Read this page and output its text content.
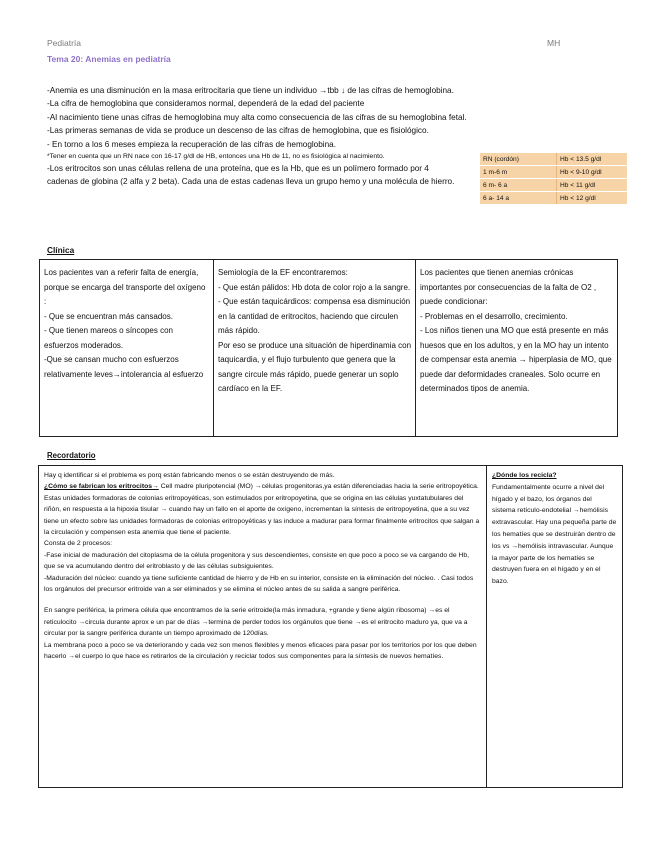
Pediatría	MH
Tema 20: Anemias en pediatría

-Anemia es una disminución en la masa eritrocitaria que tiene un individuo →tbb ↓ de las cifras de hemoglobina.

-La cifra de hemoglobina que consideramos normal, dependerá de la edad del paciente

-Al nacimiento tiene unas cifras de hemoglobina muy alta como consecuencia de las cifras de su hemoglobina fetal.

-Las primeras semanas de vida se produce un descenso de las cifras de hemoglobina, que es fisiológico.

- En torno a los 6 meses empieza la recuperación de las cifras de hemoglobina.

*Tener en cuenta que un RN nace con 16-17 g/dl de HB, entonces una Hb de 11, no es fisiológica al nacimiento.

-Los eritrocitos son unas células rellena de una proteína, que es la Hb, que es un polímero formado por 4 cadenas de globina (2 alfa y 2 beta). Cada una de estas cadenas lleva un grupo hemo y una molécula de hierro.

RN (cordón)	Hb < 13.5 g/dl
1 m-6 m	Hb < 9-10 g/dl
6 m- 6 a	Hb < 11 g/dl
6 a- 14 a	Hb < 12 g/dl
Clínica

Los pacientes van a referir falta de energía, porque se encarga del transporte del oxígeno :

- Que se encuentran más cansados.

- Que tienen mareos o síncopes con esfuerzos moderados.

-Que se cansan mucho con esfuerzos relativamente leves→intolerancia al esfuerzo

Semiología de la EF encontraremos:

- Que están pálidos: Hb dota de color rojo a la sangre.

- Que están taquicárdicos: compensa esa disminución en la cantidad de eritrocitos, haciendo que circulen más rápido.

Por eso se produce una situación de hiperdinamia con taquicardia, y el flujo turbulento que genera que la sangre circule más rápido, puede generar un soplo cardíaco en la EF.

Los pacientes que tienen anemias crónicas importantes por consecuencias de la falta de O2 , puede condicionar:

- Problemas en el desarrollo, crecimiento.

- Los niños tienen una MO que está presente en más huesos que en los adultos, y en la MO hay un intento de compensar esta anemia → hiperplasia de MO, que puede dar deformidades craneales. Solo ocurre en determinados tipos de anemia.

Recordatorio

Hay q identificar si el problema es porq están fabricando menos o se están destruyendo de más.

¿Cómo se fabrican los eritrocitos→ Cell madre pluripotencial (MO) →células progenitoras,ya están diferenciadas hacia la serie eritropoyética. Estas unidades formadoras de colonias eritropoyéticas, son estimulados por eritropoyetina, que se origina en las células yuxtatubulares del riñón, en respuesta a la hipoxia tisular → cuando hay un fallo en el aporte de oxígeno, incrementan la síntesis de eritropoyetina, que a su vez tiene un efecto sobre las unidades formadoras de colonias eritropoyéticas y las induce a madurar para formar finalmente eritrocitos que salgan a la circulación y compensen esta anemia que tiene el paciente.

Consta de 2 procesos:

-Fase inicial de maduración del citoplasma de la célula progenitora y sus descendientes, consiste en que poco a poco se va cargando de Hb, que se va acumulando dentro del eritroblasto y de las células subsiguientes.

-Maduración del núcleo: cuando ya tiene suficiente cantidad de hierro y de Hb en su interior, consiste en la eliminación del núcleo. . Casi todos los orgánulos del precursor eritroide van a ser eliminados y se elimina el núcleo antes de su salida a sangre periférica.

En sangre periférica, la primera célula que encontramos de la serie eritroide(la más inmadura, +grande y tiene algún ribosoma) →es el reticulocito →circula durante aprox e un par de días →termina de perder todos los orgánulos que tiene →es el eritrocito maduro ya, que va a circular por la sangre periférica durante un tiempo aproximado de 120días.

La membrana poco a poco se va deteriorando y cada vez son menos flexibles y menos eficaces para pasar por los territorios por los que deben hacerlo →el cuerpo lo que hace es retirarlos de la circulación y reciclar todos sus componentes para la síntesis de nuevos hematíes.

¿Dónde los recicla?

Fundamentalmente ocurre a nivel del hígado y el bazo, los órganos del sistema retículo-endotelial →hemólisis extravascular. Hay una pequeña parte de los hematíes que se destruirán dentro de los vs →hemólisis intravascular. Aunque la mayor parte de los hematíes se destruyen fuera en el hígado y en el bazo.
